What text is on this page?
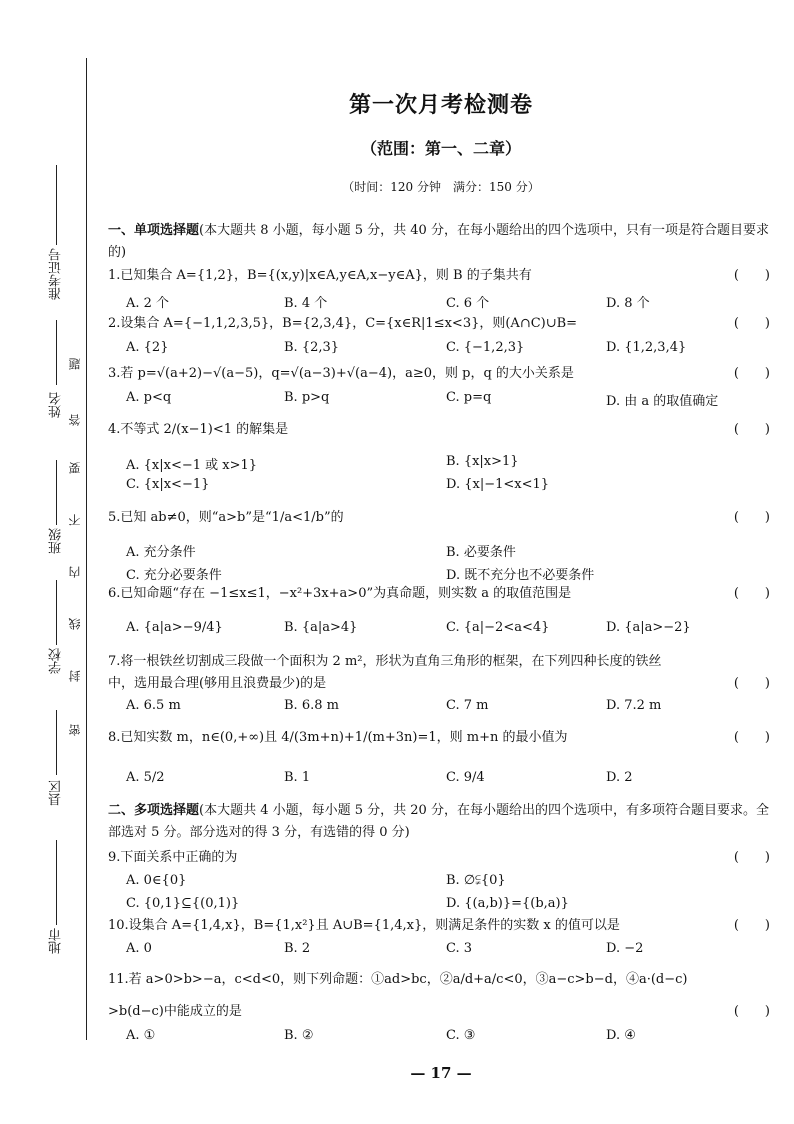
准考证号
姓名
班级
学校
县区
地市
题
答
要
不
内
线
封
密
第一次月考检测卷
（范围：第一、二章）
（时间：120 分钟　满分：150 分）
一、单项选择题(本大题共 8 小题，每小题 5 分，共 40 分，在每小题给出的四个选项中，只有一项是符合题目要求的)
1.已知集合 A={1,2}，B={(x,y)|x∈A,y∈A,x−y∈A}，则 B 的子集共有	(　　)
A. 2 个	B. 4 个	C. 6 个	D. 8 个
2.设集合 A={−1,1,2,3,5}，B={2,3,4}，C={x∈R|1≤x<3}，则(A∩C)∪B=	(　　)
A. {2}	B. {2,3}	C. {−1,2,3}	D. {1,2,3,4}
3.若 p=√(a+2)−√(a−5)，q=√(a−3)+√(a−4)，a≥0，则 p，q 的大小关系是	(　　)
A. p<q	B. p>q	C. p=q	D. 由 a 的取值确定
4.不等式 2/(x−1)<1 的解集是	(　　)
A. {x|x<−1 或 x>1}	B. {x|x>1}
C. {x|x<−1}	D. {x|−1<x<1}
5.已知 ab≠0，则“a>b”是“1/a<1/b”的	(　　)
A. 充分条件	B. 必要条件
C. 充分必要条件	D. 既不充分也不必要条件
6.已知命题“存在 −1≤x≤1，−x²+3x+a>0”为真命题，则实数 a 的取值范围是	(　　)
A. {a|a>−9/4}	B. {a|a>4}	C. {a|−2<a<4}	D. {a|a>−2}
7.将一根铁丝切割成三段做一个面积为 2 m²，形状为直角三角形的框架，在下列四种长度的铁丝
中，选用最合理(够用且浪费最少)的是	(　　)
A. 6.5 m	B. 6.8 m	C. 7 m	D. 7.2 m
8.已知实数 m，n∈(0,+∞)且 4/(3m+n)+1/(m+3n)=1，则 m+n 的最小值为	(　　)
A. 5/2	B. 1	C. 9/4	D. 2
二、多项选择题(本大题共 4 小题，每小题 5 分，共 20 分，在每小题给出的四个选项中，有多项符合题目要求。全部选对 5 分。部分选对的得 3 分，有选错的得 0 分)
9.下面关系中正确的为	(　　)
A. 0∈{0}	B. ∅⫋{0}
C. {0,1}⊆{(0,1)}	D. {(a,b)}={(b,a)}
10.设集合 A={1,4,x}，B={1,x²}且 A∪B={1,4,x}，则满足条件的实数 x 的值可以是	(　　)
A. 0	B. 2	C. 3	D. −2
11.若 a>0>b>−a，c<d<0，则下列命题：①ad>bc，②a/d+a/c<0，③a−c>b−d，④a·(d−c)
>b(d−c)中能成立的是	(　　)
A. ①	B. ②	C. ③	D. ④
— 17 —
